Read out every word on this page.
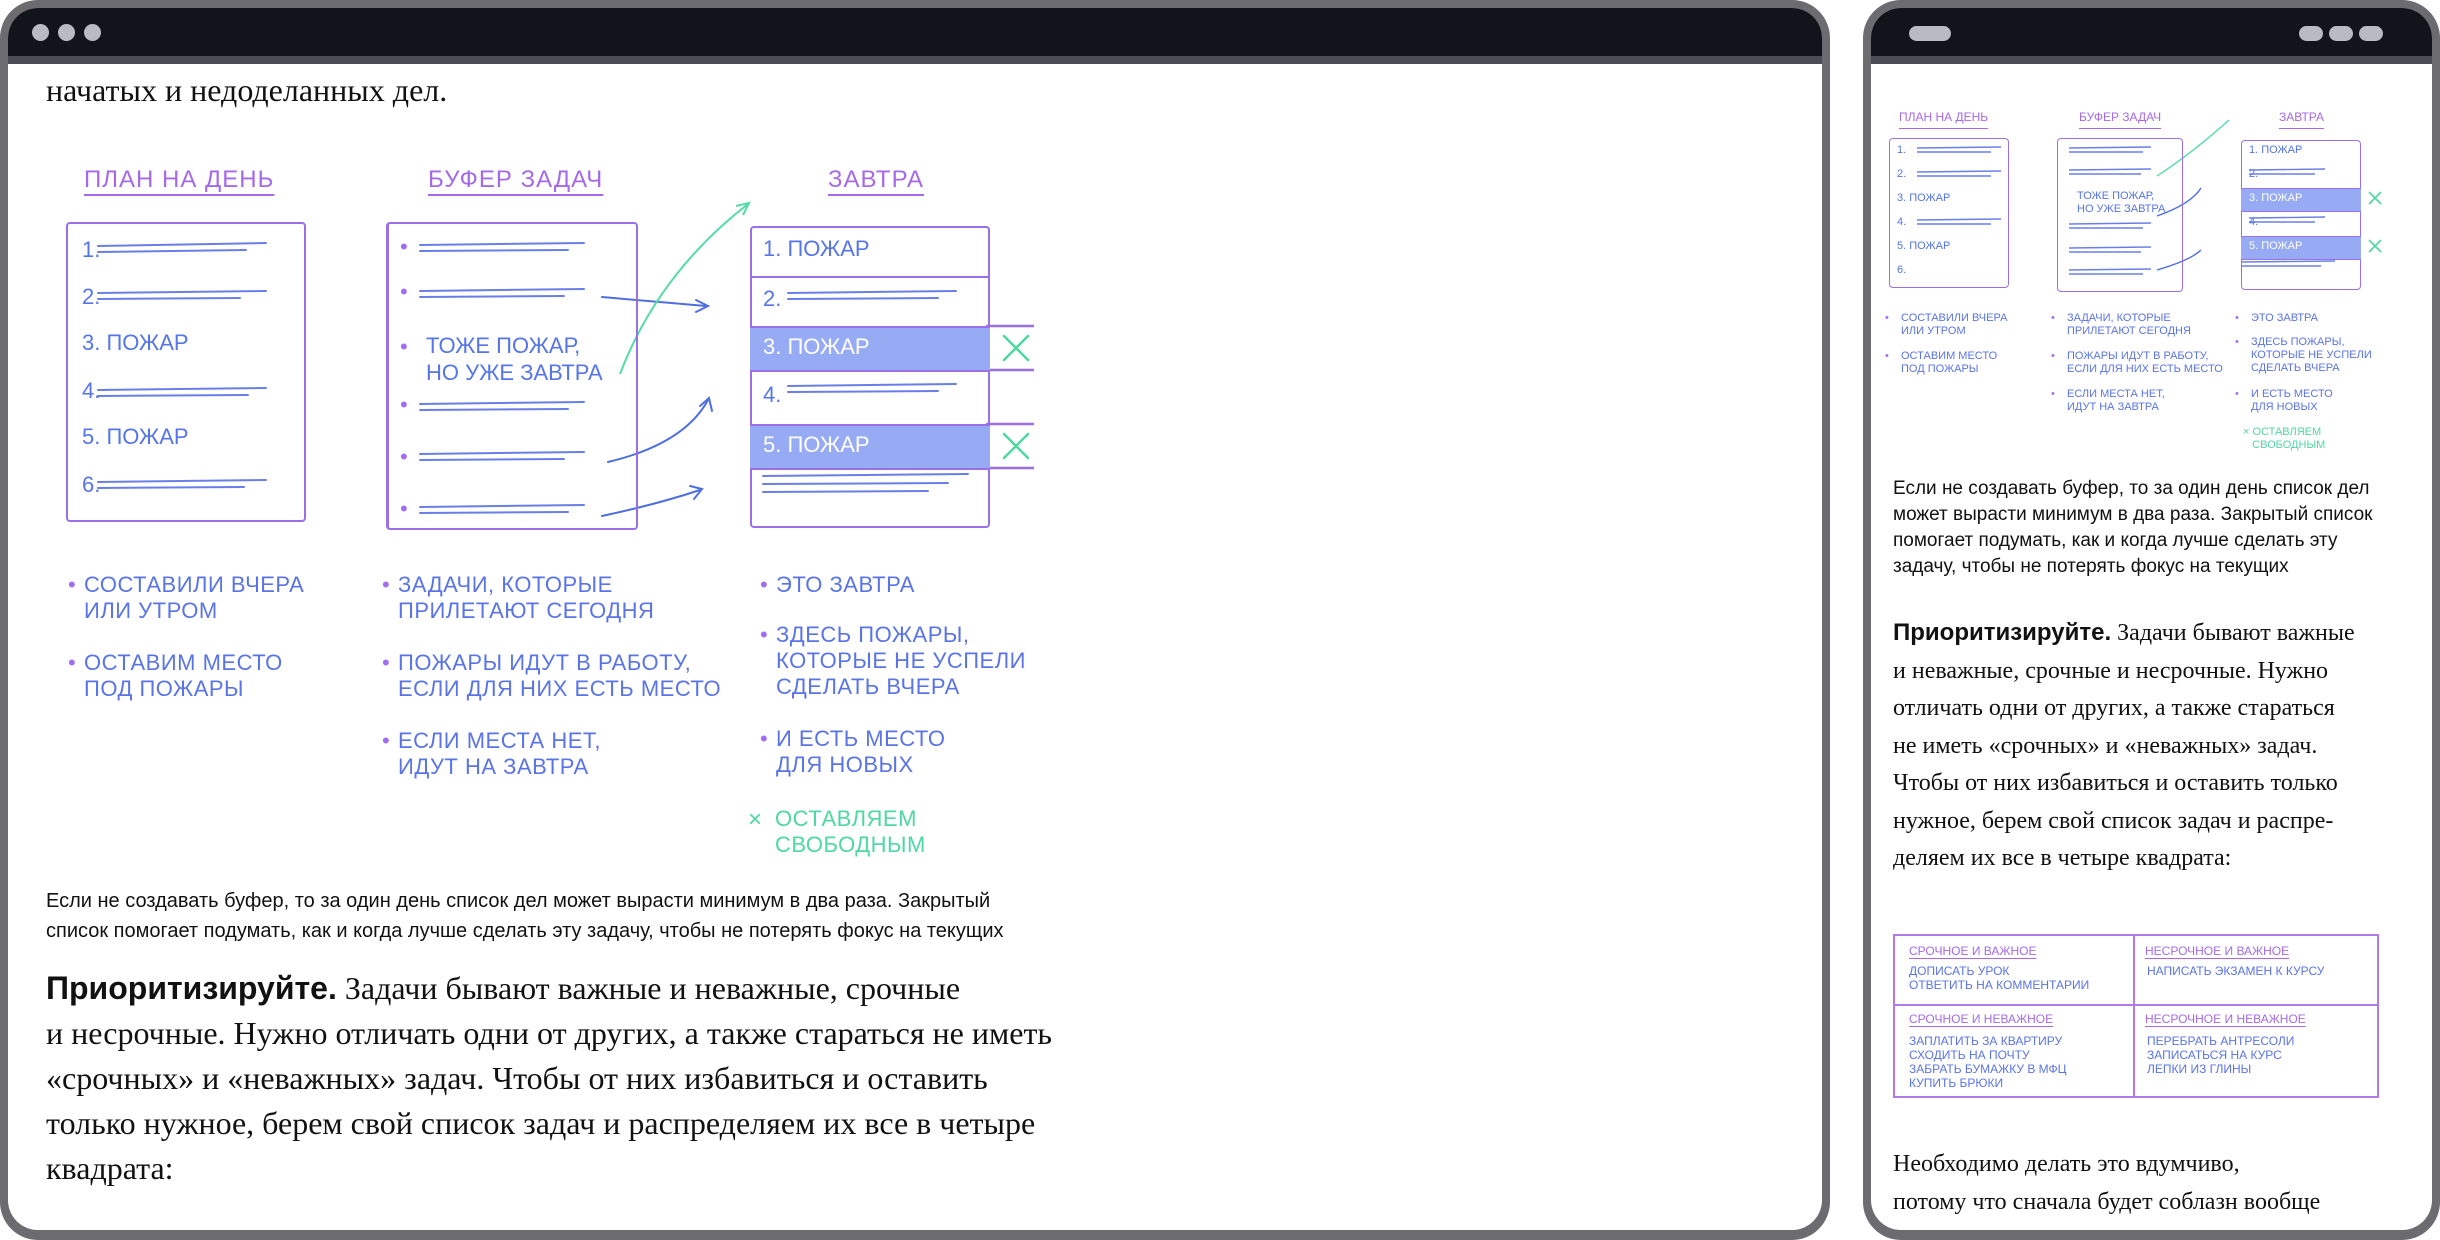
начатых и недоделанных дел.
ПЛАН НА ДЕНЬ
1.
2.
3. ПОЖАР
4.
5. ПОЖАР
6.
БУФЕР ЗАДАЧ
•
•
•
•
•
•
ТОЖЕ ПОЖАР,
НО УЖЕ ЗАВТРА
ЗАВТРА
1. ПОЖАР
2.
3. ПОЖАР
4.
5. ПОЖАР
• СОСТАВИЛИ ВЧЕРА
ИЛИ УТРОМ
• ОСТАВИМ МЕСТО
ПОД ПОЖАРЫ
• ЗАДАЧИ, КОТОРЫЕ
ПРИЛЕТАЮТ СЕГОДНЯ
• ПОЖАРЫ ИДУТ В РАБОТУ,
ЕСЛИ ДЛЯ НИХ ЕСТЬ МЕСТО
• ЕСЛИ МЕСТА НЕТ,
ИДУТ НА ЗАВТРА
• ЭТО ЗАВТРА
• ЗДЕСЬ ПОЖАРЫ,
КОТОРЫЕ НЕ УСПЕЛИ
СДЕЛАТЬ ВЧЕРА
• И ЕСТЬ МЕСТО
ДЛЯ НОВЫХ
× ОСТАВЛЯЕМ
СВОБОДНЫМ
Если не создавать буфер, то за один день список дел может вырасти минимум в два раза. Закрытый
список помогает подумать, как и когда лучше сделать эту задачу, чтобы не потерять фокус на текущих
Приоритизируйте. Задачи бывают важные и неважные, срочные
и несрочные. Нужно отличать одни от других, а также стараться не иметь
«срочных» и «неважных» задач. Чтобы от них избавиться и оставить
только нужное, берем свой список задач и распределяем их все в четыре
квадрата:
ПЛАН НА ДЕНЬ
1.
2.
3. ПОЖАР
4.
5. ПОЖАР
6.
БУФЕР ЗАДАЧ
ТОЖЕ ПОЖАР,
НО УЖЕ ЗАВТРА
ЗАВТРА
1. ПОЖАР
2.
3. ПОЖАР
4.
5. ПОЖАР
• СОСТАВИЛИ ВЧЕРА
ИЛИ УТРОМ
• ОСТАВИМ МЕСТО
ПОД ПОЖАРЫ
• ЗАДАЧИ, КОТОРЫЕ
ПРИЛЕТАЮТ СЕГОДНЯ
• ПОЖАРЫ ИДУТ В РАБОТУ,
ЕСЛИ ДЛЯ НИХ ЕСТЬ МЕСТО
• ЕСЛИ МЕСТА НЕТ,
ИДУТ НА ЗАВТРА
• ЭТО ЗАВТРА
• ЗДЕСЬ ПОЖАРЫ,
КОТОРЫЕ НЕ УСПЕЛИ
СДЕЛАТЬ ВЧЕРА
• И ЕСТЬ МЕСТО
ДЛЯ НОВЫХ
× ОСТАВЛЯЕМ
СВОБОДНЫМ
Если не создавать буфер, то за один день список дел
может вырасти минимум в два раза. Закрытый список
помогает подумать, как и когда лучше сделать эту
задачу, чтобы не потерять фокус на текущих
Приоритизируйте. Задачи бывают важные
и неважные, срочные и несрочные. Нужно
отличать одни от других, а также стараться
не иметь «срочных» и «неважных» задач.
Чтобы от них избавиться и оставить только
нужное, берем свой список задач и распре-
деляем их все в четыре квадрата:
СРОЧНОЕ И ВАЖНОЕ
ДОПИСАТЬ УРОК
ОТВЕТИТЬ НА КОММЕНТАРИИ
НЕСРОЧНОЕ И ВАЖНОЕ
НАПИСАТЬ ЭКЗАМЕН К КУРСУ
СРОЧНОЕ И НЕВАЖНОЕ
ЗАПЛАТИТЬ ЗА КВАРТИРУ
СХОДИТЬ НА ПОЧТУ
ЗАБРАТЬ БУМАЖКУ В МФЦ
КУПИТЬ БРЮКИ
НЕСРОЧНОЕ И НЕВАЖНОЕ
ПЕРЕБРАТЬ АНТРЕСОЛИ
ЗАПИСАТЬСЯ НА КУРС
ЛЕПКИ ИЗ ГЛИНЫ
Необходимо делать это вдумчиво,
потому что сначала будет соблазн вообще
